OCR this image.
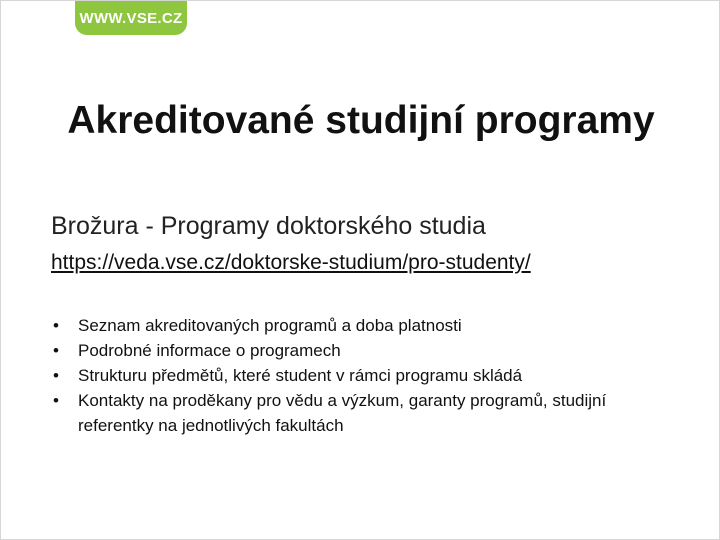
WWW.VSE.CZ
Akreditované studijní programy
Brožura - Programy doktorského studia
https://veda.vse.cz/doktorske-studium/pro-studenty/
• Seznam akreditovaných programů a doba platnosti
• Podrobné informace o programech
• Strukturu předmětů, které student v rámci programu skládá
• Kontakty na proděkany pro vědu a výzkum, garanty programů, studijní referentky na jednotlivých fakultách
